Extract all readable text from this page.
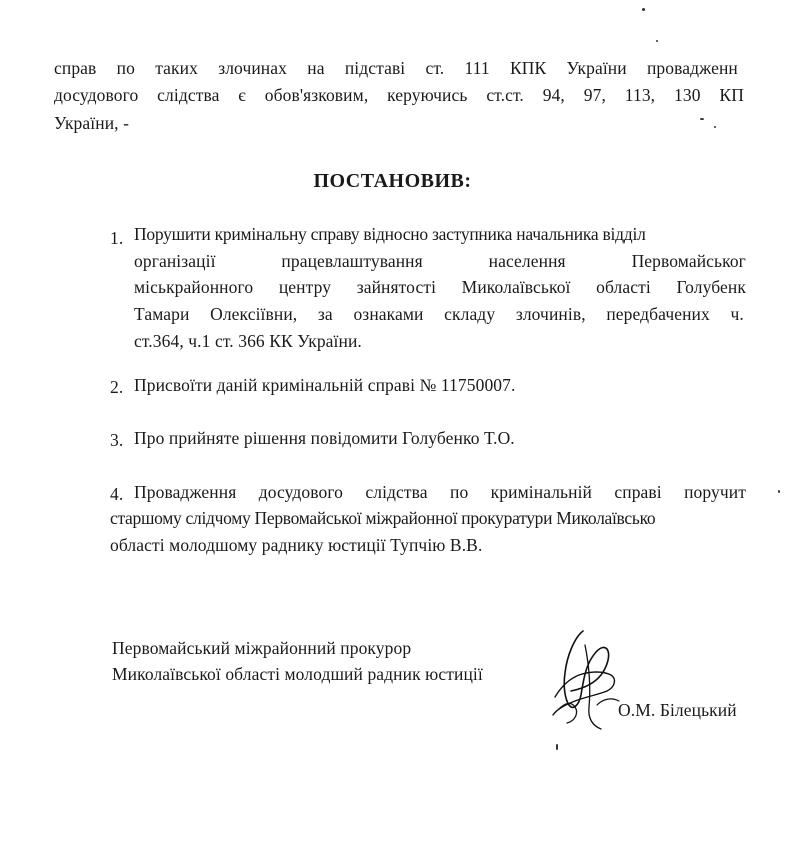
справ по таких злочинах на підставі ст. 111 КПК України провадженн
досудового слідства є обов'язковим, керуючись ст.ст. 94, 97, 113, 130 КП
України, -
ПОСТАНОВИВ:
1. Порушити кримінальну справу відносно заступника начальника відділ
організації	працевлаштування	населення	Первомайськог
міськрайонного центру зайнятості Миколаївської області Голубенк
Тамари Олексіївни, за ознаками складу злочинів, передбачених ч.
ст.364, ч.1 ст. 366 КК України.
2. Присвоїти даній кримінальній справі № 11750007.
3. Про прийняте рішення повідомити Голубенко Т.О.
4. Провадження досудового слідства по кримінальній справі поручит
старшому слідчому Первомайської міжрайонної прокуратури Миколаївсько
області молодшому раднику юстиції Тупчію В.В.
Первомайський міжрайонний прокурор
Миколаївської області молодший радник юстиції
О.М. Білецький
